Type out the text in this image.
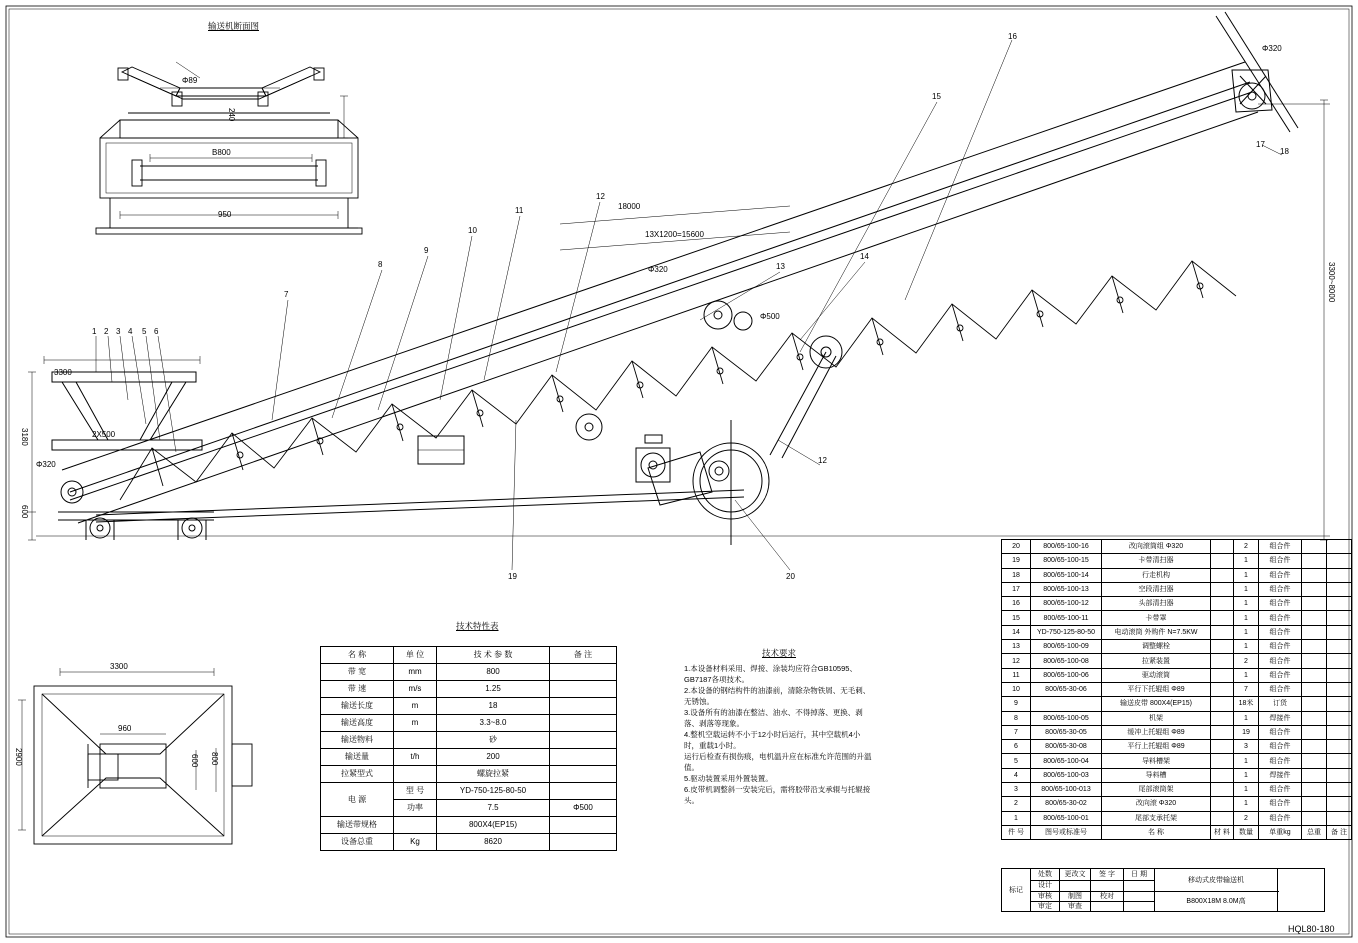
输送机断面图
Φ89
240
B800
950
Φ320
Φ320
Φ500
Φ320
18000
13X1200=15600
3300~8000
3180
600
3300
2X500
1 2 3 4 5 6
7
8
9
10
11
12
13
14
15
16
17
18
19	20
12
3300
2900
960
600 800
技术特性表
名 称	单 位	技 术 参 数	备 注
带 宽	mm	800	
带 速	m/s	1.25	
输送长度	m	18	
输送高度	m	3.3~8.0	
输送物料		砂	
输送量	t/h	200	
拉紧型式		螺旋拉紧	
电 源	型 号	YD-750-125-80-50	
	功率	7.5	Φ500
输送带规格		800X4(EP15)	
设备总重	Kg	8620	
技术要求
1.本设备材料采用、焊接、涂装均应符合GB10595、GB7187各项技术。
2.本设备的钢结构件的油漆前，清除杂物铁屑、无毛刺、无锈蚀。
3.设备所有的油漆在整洁、油水、不得掉落、更换、剥落、剥落等现象。
4.整机空载运转不小于12小时后运行，其中空载机4小时，重载1小时。
运行后检查有损伤痕，电机温升应在标准允许范围的升温值。
5.驱动装置采用外置装置。
6.皮带机调整斜一安装完后，需将胶带沿支承辊与托辊接头。
20	800/65-100-16	改向滚筒组 Φ320		2	组合件		
19	800/65-100-15	卡带清扫器		1	组合件		
18	800/65-100-14	行走机构		1	组合件		
17	800/65-100-13	空段清扫器		1	组合件		
16	800/65-100-12	头部清扫器		1	组合件		
15	800/65-100-11	卡带罩		1	组合件		
14	YD-750-125-80-50	电动滚筒 外购件 N=7.5KW		1	组合件		
13	800/65-100-09	调整螺栓		1	组合件		
12	800/65-100-08	拉紧装置		2	组合件		
11	800/65-100-06	驱动滚筒		1	组合件		
10	800/65-30-06	平行下托辊组 Φ89		7	组合件		
9		输送皮带 800X4(EP15)		18米	订货		
8	800/65-100-05	机架		1	焊接件		
7	800/65-30-05	缓冲上托辊组 Φ89		19	组合件		
6	800/65-30-08	平行上托辊组 Φ89		3	组合件		
5	800/65-100-04	导料槽架		1	组合件		
4	800/65-100-03	导料槽		1	焊接件		
3	800/65-100-013	尾部滚筒架		1	组合件		
2	800/65-30-02	改向滚 Φ320		1	组合件		
1	800/65-100-01	尾部支承托架		2	组合件		
件 号	图号或标准号	名 称	材 料	数量	单重kg	总重	备 注
标记	处数	更改文	签 字	日 期	移动式皮带输送机	
	设计					
	审核	制图	校对		B800X18M 8.0M高	
	审定	审查				
HQL80-180
